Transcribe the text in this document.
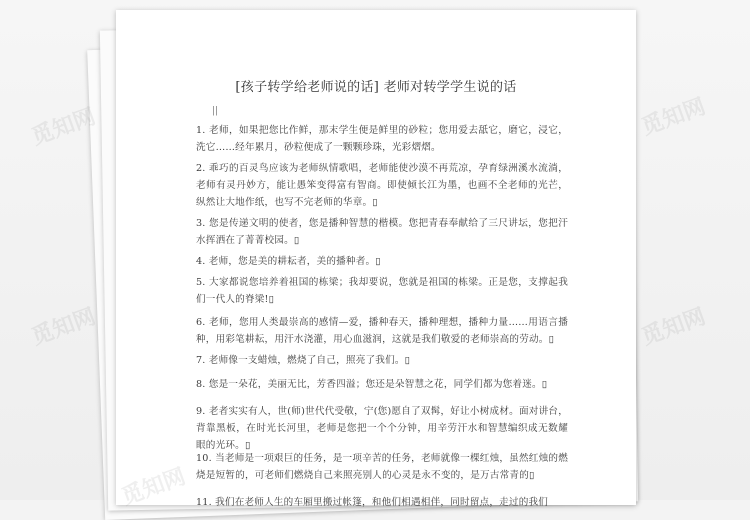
[孩子转学给老师说的话] 老师对转学学生说的话
||
1. 老师，如果把您比作鲜，那末学生便是鲜里的砂粒；您用爱去舐它，磨它，浸它，洗它……经年累月，砂粒便成了一颗颗珍珠，光彩熠熠。
2. 乖巧的百灵鸟应该为老师纵情歌唱，老师能使沙漠不再荒凉，孕育绿洲溪水流淌，老师有灵丹妙方，能让愚笨变得富有智商。即使倾长江为墨，也画不全老师的光芒，纵然让大地作纸，也写不完老师的华章。▯
3. 您是传递文明的使者，您是播种智慧的楷模。您把青春奉献给了三尺讲坛，您把汗水挥洒在了菁菁校园。▯
4. 老师，您是美的耕耘者，美的播种者。▯
5. 大家都说您培养着祖国的栋梁；我却要说，您就是祖国的栋梁。正是您，支撑起我们一代人的脊梁!▯
6. 老师，您用人类最崇高的感情—爱，播种春天，播种理想，播种力量……用语言播种，用彩笔耕耘，用汗水浇灌，用心血滋润，这就是我们敬爱的老师崇高的劳动。▯
7. 老师像一支蜡烛，燃烧了自己，照亮了我们。▯
8. 您是一朵花，美丽无比，芳香四溢；您还是朵智慧之花，同学们都为您着迷。▯
9. 老者实实有人，世(师)世代代受敬，宁(您)愿自了双髯，好让小树成材。面对讲台，背靠黑板，在时光长河里，老师是您把一个个分钟，用辛劳汗水和智慧编织成无数耀眼的光环。▯
10. 当老师是一项艰巨的任务，是一项辛苦的任务，老师就像一棵红烛，虽然红烛的燃烧是短暂的，可老师们燃烧自己来照亮别人的心灵是永不变的，是万古常青的▯
11. 我们在老师人生的车厢里搬过帐篷，和他们相遇相伴，同时留点，走过的我们
觅知网	觅知网
觅知网	觅知网
